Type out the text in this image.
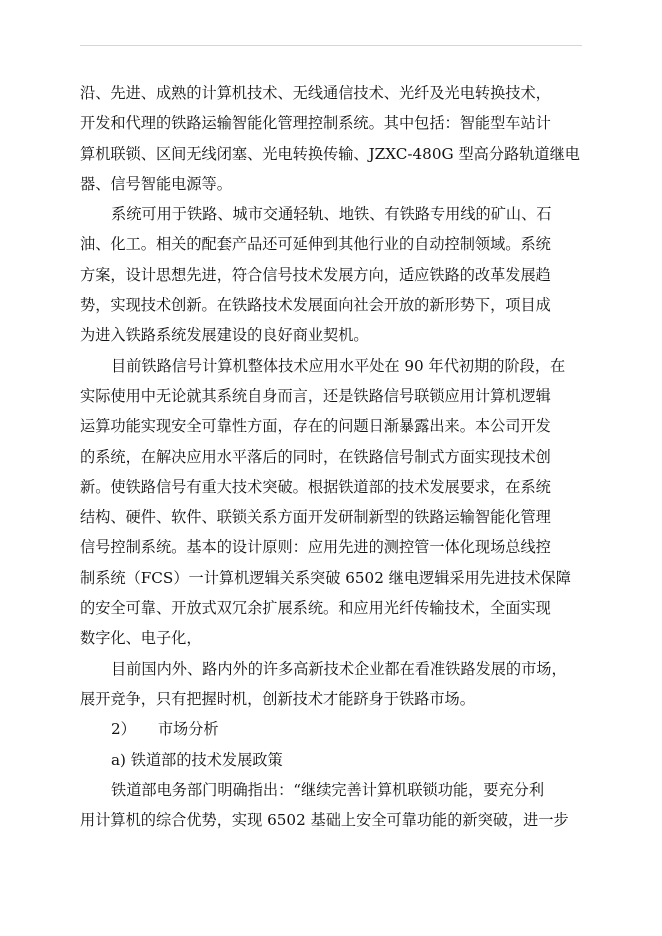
沿、先进、成熟的计算机技术、无线通信技术、光纤及光电转换技术，
开发和代理的铁路运输智能化管理控制系统。其中包括：智能型车站计
算机联锁、区间无线闭塞、光电转换传输、JZXC-480G 型高分路轨道继电
器、信号智能电源等。
系统可用于铁路、城市交通轻轨、地铁、有铁路专用线的矿山、石
油、化工。相关的配套产品还可延伸到其他行业的自动控制领域。系统
方案，设计思想先进，符合信号技术发展方向，适应铁路的改革发展趋
势，实现技术创新。在铁路技术发展面向社会开放的新形势下，项目成
为进入铁路系统发展建设的良好商业契机。
目前铁路信号计算机整体技术应用水平处在 90 年代初期的阶段，在
实际使用中无论就其系统自身而言，还是铁路信号联锁应用计算机逻辑
运算功能实现安全可靠性方面，存在的问题日渐暴露出来。本公司开发
的系统，在解决应用水平落后的同时，在铁路信号制式方面实现技术创
新。使铁路信号有重大技术突破。根据铁道部的技术发展要求，在系统
结构、硬件、软件、联锁关系方面开发研制新型的铁路运输智能化管理
信号控制系统。基本的设计原则：应用先进的测控管一体化现场总线控
制系统（FCS）一计算机逻辑关系突破 6502 继电逻辑采用先进技术保障
的安全可靠、开放式双冗余扩展系统。和应用光纤传输技术，全面实现
数字化、电子化，
目前国内外、路内外的许多高新技术企业都在看准铁路发展的市场，
展开竞争，只有把握时机，创新技术才能跻身于铁路市场。
2） 市场分析
a) 铁道部的技术发展政策
铁道部电务部门明确指出：“继续完善计算机联锁功能，要充分利
用计算机的综合优势，实现 6502 基础上安全可靠功能的新突破，进一步
